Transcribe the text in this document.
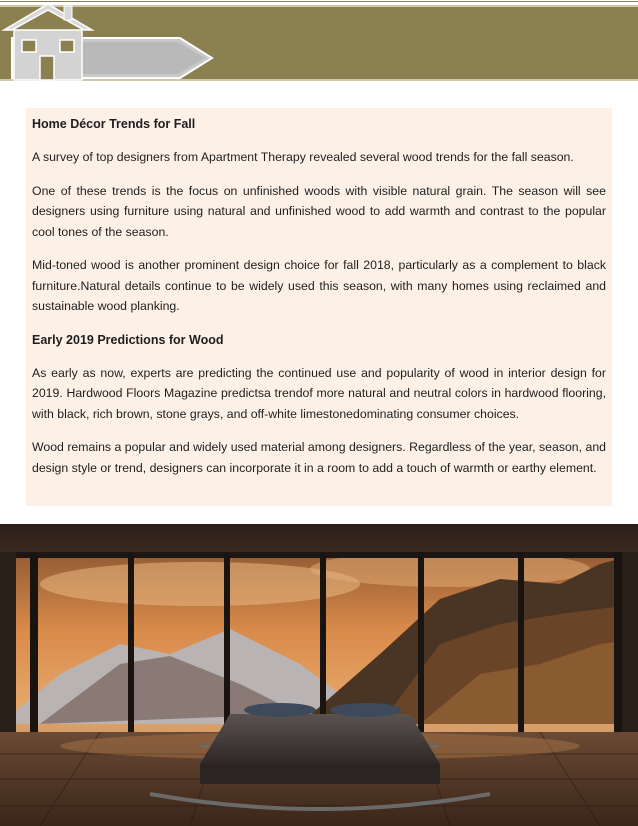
Home Décor Trends for Fall

A survey of top designers from Apartment Therapy revealed several wood trends for the fall season.

One of these trends is the focus on unfinished woods with visible natural grain. The season will see designers using furniture using natural and unfinished wood to add warmth and contrast to the popular cool tones of the season.

Mid-toned wood is another prominent design choice for fall 2018, particularly as a complement to black furniture.Natural details continue to be widely used this season, with many homes using reclaimed and sustainable wood planking.

Early 2019 Predictions for Wood

As early as now, experts are predicting the continued use and popularity of wood in interior design for 2019. Hardwood Floors Magazine predictsa trendof more natural and neutral colors in hardwood flooring, with black, rich brown, stone grays, and off-white limestonedominating consumer choices.

Wood remains a popular and widely used material among designers. Regardless of the year, season, and design style or trend, designers can incorporate it in a room to add a touch of warmth or earthy element.
